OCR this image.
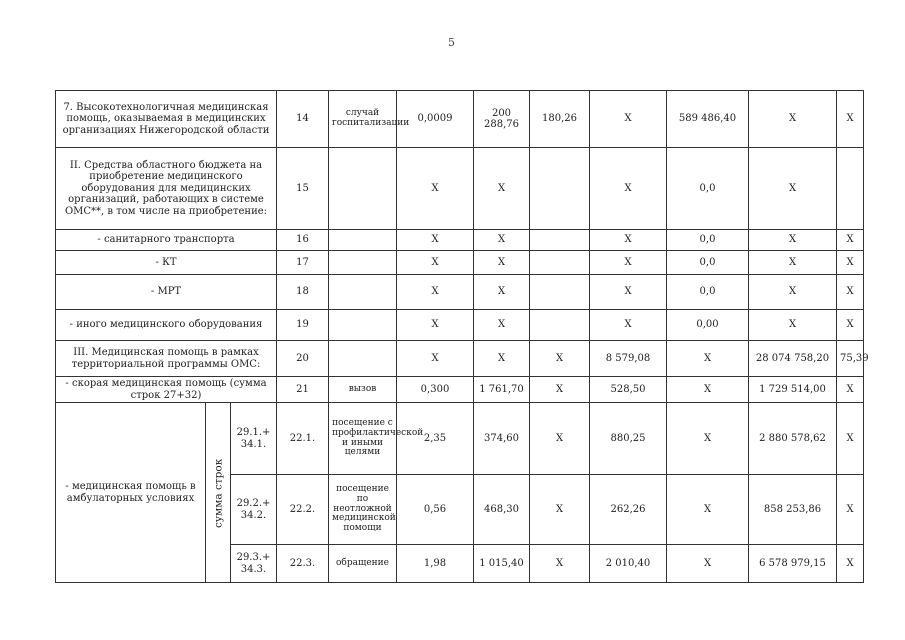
5
7. Высокотехнологичная медицинская помощь, оказываемая в медицинских организациях Нижегородской области			14	случай госпитализации	0,0009	200 288,76	180,26	Х	589 486,40	Х	Х
II. Средства областного бюджета на приобретение медицинского оборудования для медицинских организаций, работающих в системе ОМС**, в том числе на приобретение:			15		Х	Х		Х	0,0	Х	
- санитарного транспорта			16		Х	Х		Х	0,0	Х	Х
- КТ			17		Х	Х		Х	0,0	Х	Х
- МРТ			18		Х	Х		Х	0,0	Х	Х
- иного медицинского оборудования			19		Х	Х		Х	0,00	Х	Х
III. Медицинская помощь в рамках территориальной программы ОМС:			20		Х	Х	Х	8 579,08	Х	28 074 758,20	75,39
- скорая медицинская помощь (сумма строк 27+32)			21	вызов	0,300	1 761,70	Х	528,50	Х	1 729 514,00	Х
- медицинская помощь в амбулаторных условиях	сумма строк	29.1.+ 34.1.	22.1.	посещение с профилактической и иными целями	2,35	374,60	Х	880,25	Х	2 880 578,62	Х
		29.2.+ 34.2.	22.2.	посещение по неотложной медицинской помощи	0,56	468,30	Х	262,26	Х	858 253,86	Х
		29.3.+ 34.3.	22.3.	обращение	1,98	1 015,40	Х	2 010,40	Х	6 578 979,15	Х
